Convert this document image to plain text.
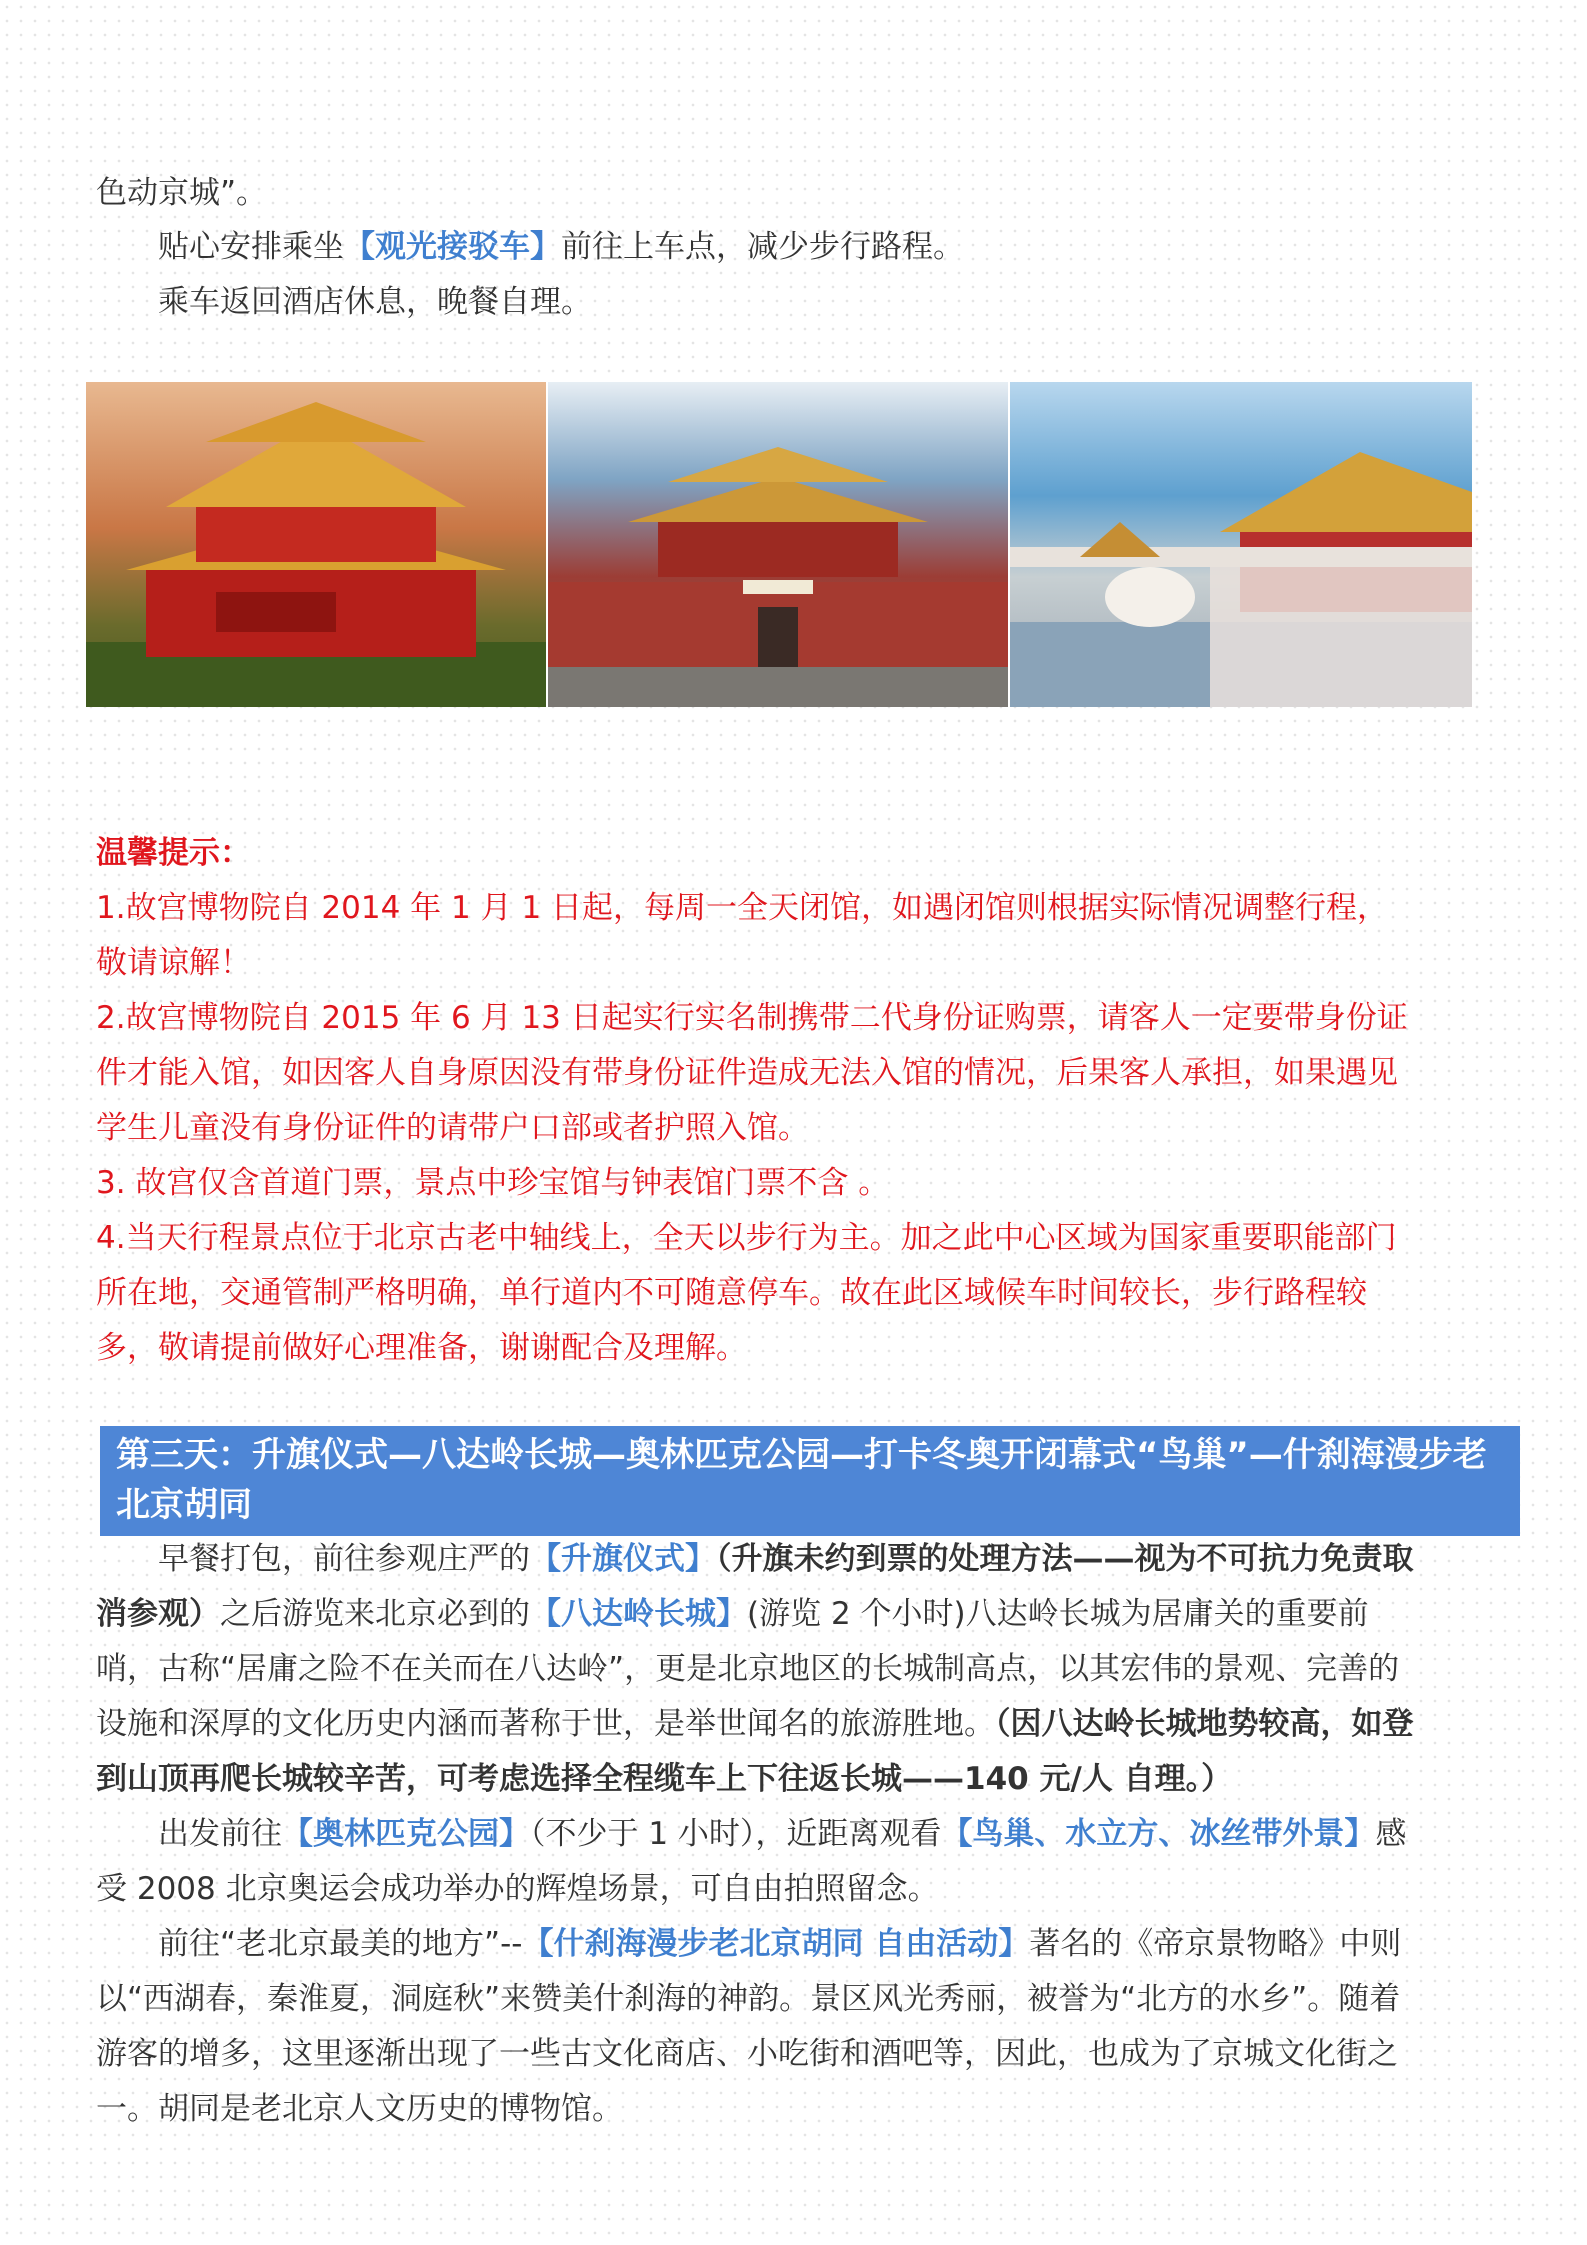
色动京城”。

贴心安排乘坐【观光接驳车】前往上车点，减少步行路程。

乘车返回酒店休息，晚餐自理。

温馨提示：
1.故宫博物院自 2014 年 1 月 1 日起，每周一全天闭馆，如遇闭馆则根据实际情况调整行程，敬请谅解！
2.故宫博物院自 2015 年 6 月 13 日起实行实名制携带二代身份证购票，请客人一定要带身份证件才能入馆，如因客人自身原因没有带身份证件造成无法入馆的情况，后果客人承担，如果遇见学生儿童没有身份证件的请带户口部或者护照入馆。
3. 故宫仅含首道门票，景点中珍宝馆与钟表馆门票不含 。
4.当天行程景点位于北京古老中轴线上，全天以步行为主。加之此中心区域为国家重要职能部门所在地，交通管制严格明确，单行道内不可随意停车。故在此区域候车时间较长，步行路程较多，敬请提前做好心理准备，谢谢配合及理解。
第三天：升旗仪式—八达岭长城—奥林匹克公园—打卡冬奥开闭幕式“鸟巢”—什刹海漫步老北京胡同
早餐打包，前往参观庄严的【升旗仪式】（升旗未约到票的处理方法——视为不可抗力免责取消参观）之后游览来北京必到的【八达岭长城】(游览 2 个小时)八达岭长城为居庸关的重要前哨，古称“居庸之险不在关而在八达岭”，更是北京地区的长城制高点，以其宏伟的景观、完善的设施和深厚的文化历史内涵而著称于世，是举世闻名的旅游胜地。（因八达岭长城地势较高，如登到山顶再爬长城较辛苦，可考虑选择全程缆车上下往返长城——140 元/人 自理。）
出发前往【奥林匹克公园】（不少于 1 小时），近距离观看【鸟巢、水立方、冰丝带外景】感受 2008 北京奥运会成功举办的辉煌场景，可自由拍照留念。
前往“老北京最美的地方”--【什刹海漫步老北京胡同 自由活动】著名的《帝京景物略》中则以“西湖春，秦淮夏，洞庭秋”来赞美什刹海的神韵。景区风光秀丽，被誉为“北方的水乡”。随着游客的增多，这里逐渐出现了一些古文化商店、小吃街和酒吧等，因此，也成为了京城文化街之一。胡同是老北京人文历史的博物馆。
